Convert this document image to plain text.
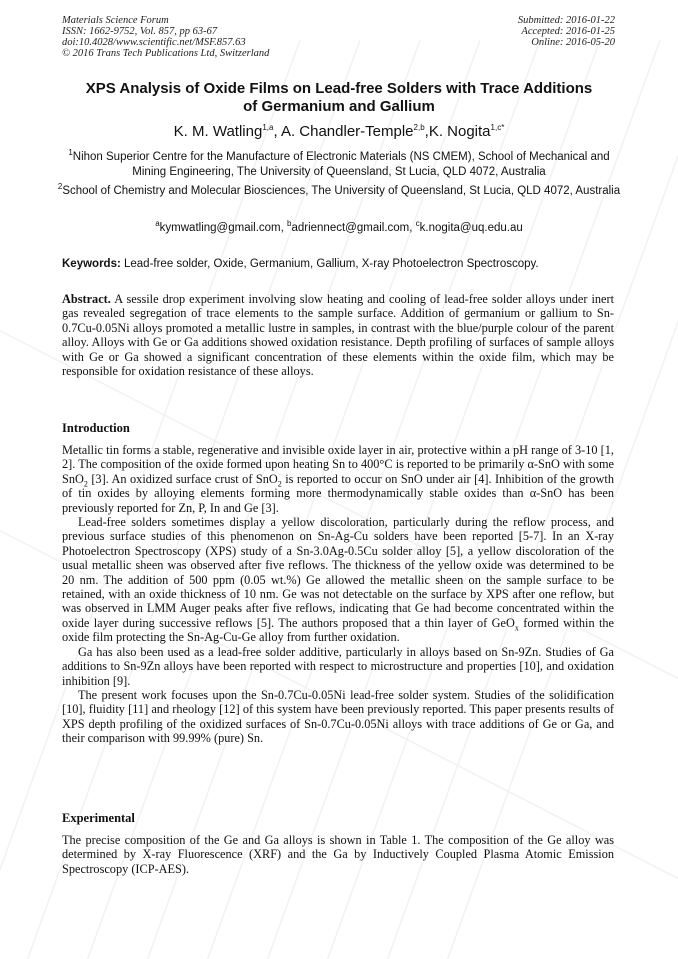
Materials Science Forum
ISSN: 1662-9752, Vol. 857, pp 63-67
doi:10.4028/www.scientific.net/MSF.857.63
© 2016 Trans Tech Publications Ltd, Switzerland
Submitted: 2016-01-22
Accepted: 2016-01-25
Online: 2016-05-20
XPS Analysis of Oxide Films on Lead-free Solders with Trace Additions
of Germanium and Gallium
K. M. Watling$^{1,a}$, A. Chandler-Temple$^{2,b}$,K. Nogita$^{1,c*}$
$^1$Nihon Superior Centre for the Manufacture of Electronic Materials (NS CMEM), School of Mechanical and Mining Engineering, The University of Queensland, St Lucia, QLD 4072, Australia
$^2$School of Chemistry and Molecular Biosciences, The University of Queensland, St Lucia, QLD 4072, Australia
$^a$kymwatling@gmail.com, $^b$adriennect@gmail.com, $^c$k.nogita@uq.edu.au
Keywords: Lead-free solder, Oxide, Germanium, Gallium, X-ray Photoelectron Spectroscopy.

Abstract. A sessile drop experiment involving slow heating and cooling of lead-free solder alloys under inert gas revealed segregation of trace elements to the sample surface. Addition of germanium or gallium to Sn-0.7Cu-0.05Ni alloys promoted a metallic lustre in samples, in contrast with the blue/purple colour of the parent alloy. Alloys with Ge or Ga additions showed oxidation resistance. Depth profiling of surfaces of sample alloys with Ge or Ga showed a significant concentration of these elements within the oxide film, which may be responsible for oxidation resistance of these alloys.

Introduction

Metallic tin forms a stable, regenerative and invisible oxide layer in air, protective within a pH range of 3-10 [1, 2]. The composition of the oxide formed upon heating Sn to 400°C is reported to be primarily α-SnO with some SnO$_2$ [3]. An oxidized surface crust of SnO$_2$ is reported to occur on SnO under air [4]. Inhibition of the growth of tin oxides by alloying elements forming more thermodynamically stable oxides than α-SnO has been previously reported for Zn, P, In and Ge [3].

Lead-free solders sometimes display a yellow discoloration, particularly during the reflow process, and previous surface studies of this phenomenon on Sn-Ag-Cu solders have been reported [5-7]. In an X-ray Photoelectron Spectroscopy (XPS) study of a Sn-3.0Ag-0.5Cu solder alloy [5], a yellow discoloration of the usual metallic sheen was observed after five reflows. The thickness of the yellow oxide was determined to be 20 nm. The addition of 500 ppm (0.05 wt.%) Ge allowed the metallic sheen on the sample surface to be retained, with an oxide thickness of 10 nm. Ge was not detectable on the surface by XPS after one reflow, but was observed in LMM Auger peaks after five reflows, indicating that Ge had become concentrated within the oxide layer during successive reflows [5]. The authors proposed that a thin layer of GeO$_x$ formed within the oxide film protecting the Sn-Ag-Cu-Ge alloy from further oxidation.

Ga has also been used as a lead-free solder additive, particularly in alloys based on Sn-9Zn. Studies of Ga additions to Sn-9Zn alloys have been reported with respect to microstructure and properties [10], and oxidation inhibition [9].

The present work focuses upon the Sn-0.7Cu-0.05Ni lead-free solder system. Studies of the solidification [10], fluidity [11] and rheology [12] of this system have been previously reported. This paper presents results of XPS depth profiling of the oxidized surfaces of Sn-0.7Cu-0.05Ni alloys with trace additions of Ge or Ga, and their comparison with 99.99% (pure) Sn.

Experimental

The precise composition of the Ge and Ga alloys is shown in Table 1. The composition of the Ge alloy was determined by X-ray Fluorescence (XRF) and the Ga by Inductively Coupled Plasma Atomic Emission Spectroscopy (ICP-AES).
